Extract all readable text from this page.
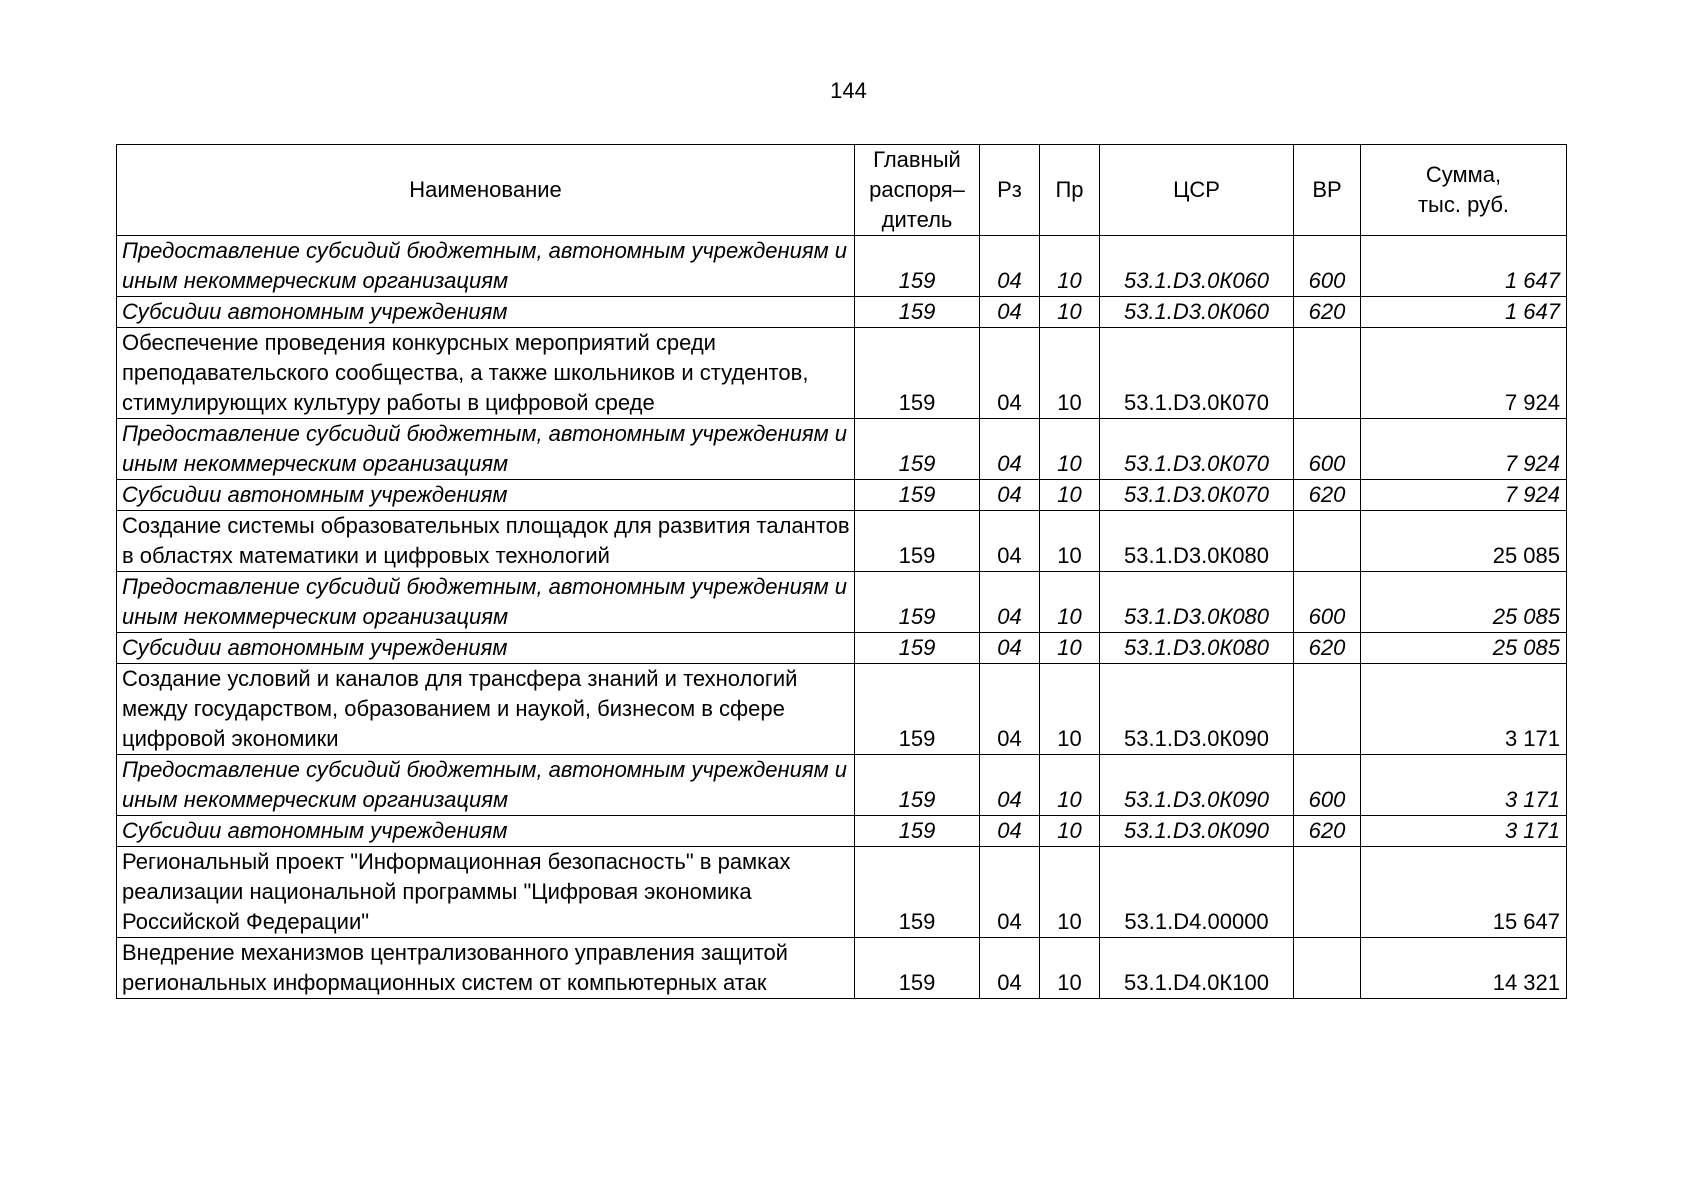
144
Наименование	Главный
распоря–
дитель	Рз	Пр	ЦСР	ВР	Сумма,
тыс. руб.

Предоставление субсидий бюджетным, автономным учреждениям и иным некоммерческим организациям	159	04	10	53.1.D3.0К060	600	1 647
Субсидии автономным учреждениям	159	04	10	53.1.D3.0К060	620	1 647
Обеспечение проведения конкурсных мероприятий среди преподавательского сообщества, а также школьников и студентов, стимулирующих культуру работы в цифровой среде	159	04	10	53.1.D3.0К070		7 924
Предоставление субсидий бюджетным, автономным учреждениям и иным некоммерческим организациям	159	04	10	53.1.D3.0К070	600	7 924
Субсидии автономным учреждениям	159	04	10	53.1.D3.0К070	620	7 924
Создание системы образовательных площадок для развития талантов в областях математики и цифровых технологий	159	04	10	53.1.D3.0К080		25 085
Предоставление субсидий бюджетным, автономным учреждениям и иным некоммерческим организациям	159	04	10	53.1.D3.0К080	600	25 085
Субсидии автономным учреждениям	159	04	10	53.1.D3.0К080	620	25 085
Создание условий и каналов для трансфера знаний и технологий между государством, образованием и наукой, бизнесом в сфере цифровой экономики	159	04	10	53.1.D3.0К090		3 171
Предоставление субсидий бюджетным, автономным учреждениям и иным некоммерческим организациям	159	04	10	53.1.D3.0К090	600	3 171
Субсидии автономным учреждениям	159	04	10	53.1.D3.0К090	620	3 171
Региональный проект "Информационная безопасность" в рамках реализации национальной программы "Цифровая экономика Российской Федерации"	159	04	10	53.1.D4.00000		15 647
Внедрение механизмов централизованного управления защитой региональных информационных систем от компьютерных атак	159	04	10	53.1.D4.0К100		14 321
